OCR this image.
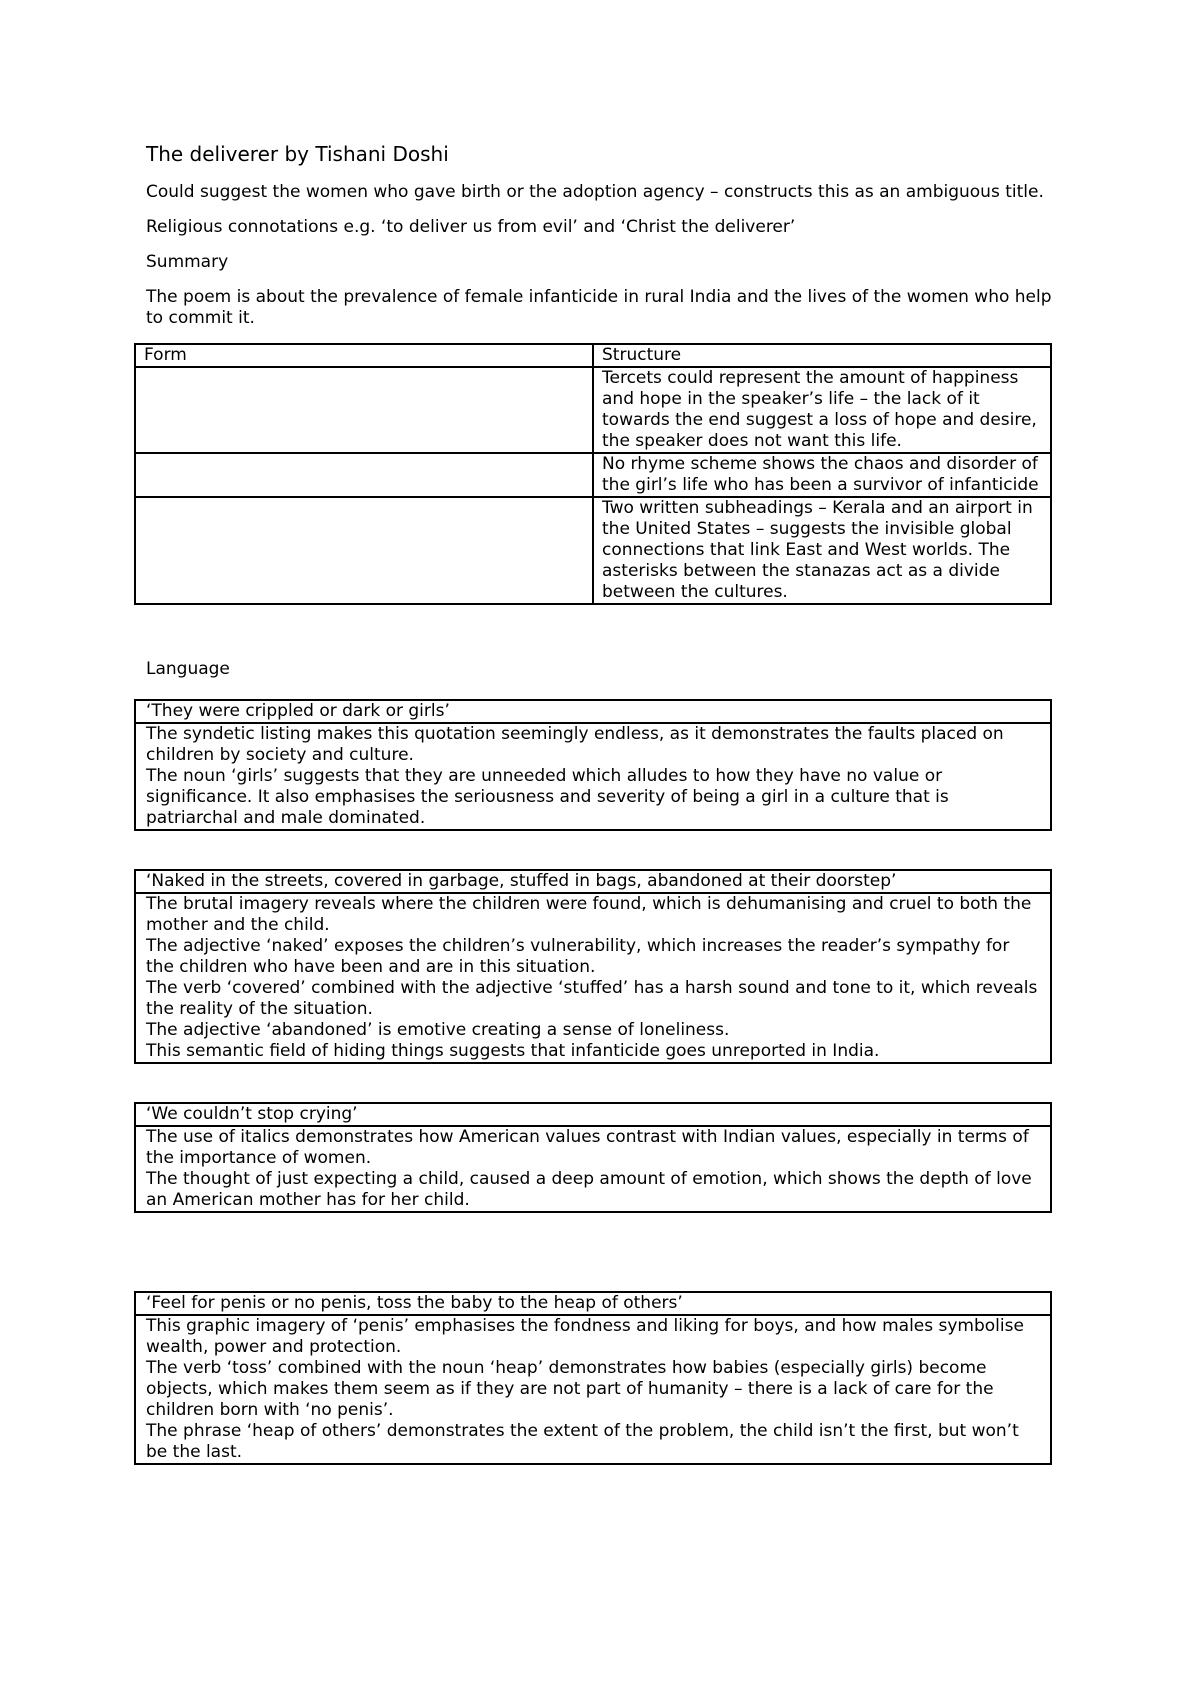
The deliverer by Tishani Doshi

Could suggest the women who gave birth or the adoption agency – constructs this as an ambiguous title.

Religious connotations e.g. ‘to deliver us from evil’ and ‘Christ the deliverer’

Summary

The poem is about the prevalence of female infanticide in rural India and the lives of the women who help to commit it.

Form	Structure
	Tercets could represent the amount of happiness and hope in the speaker’s life – the lack of it towards the end suggest a loss of hope and desire, the speaker does not want this life.
	No rhyme scheme shows the chaos and disorder of the girl’s life who has been a survivor of infanticide
	Two written subheadings – Kerala and an airport in the United States – suggests the invisible global connections that link East and West worlds. The asterisks between the stanazas act as a divide between the cultures.

Language

‘They were crippled or dark or girls’

The syndetic listing makes this quotation seemingly endless, as it demonstrates the faults placed on children by society and culture.

The noun ‘girls’ suggests that they are unneeded which alludes to how they have no value or significance. It also emphasises the seriousness and severity of being a girl in a culture that is patriarchal and male dominated.

‘Naked in the streets, covered in garbage, stuffed in bags, abandoned at their doorstep’

The brutal imagery reveals where the children were found, which is dehumanising and cruel to both the mother and the child.

The adjective ‘naked’ exposes the children’s vulnerability, which increases the reader’s sympathy for the children who have been and are in this situation.

The verb ‘covered’ combined with the adjective ‘stuffed’ has a harsh sound and tone to it, which reveals the reality of the situation.

The adjective ‘abandoned’ is emotive creating a sense of loneliness.

This semantic field of hiding things suggests that infanticide goes unreported in India.

‘We couldn’t stop crying’

The use of italics demonstrates how American values contrast with Indian values, especially in terms of the importance of women.

The thought of just expecting a child, caused a deep amount of emotion, which shows the depth of love an American mother has for her child.

‘Feel for penis or no penis, toss the baby to the heap of others’

This graphic imagery of ‘penis’ emphasises the fondness and liking for boys, and how males symbolise wealth, power and protection.

The verb ‘toss’ combined with the noun ‘heap’ demonstrates how babies (especially girls) become objects, which makes them seem as if they are not part of humanity – there is a lack of care for the children born with ‘no penis’.

The phrase ‘heap of others’ demonstrates the extent of the problem, the child isn’t the first, but won’t be the last.
